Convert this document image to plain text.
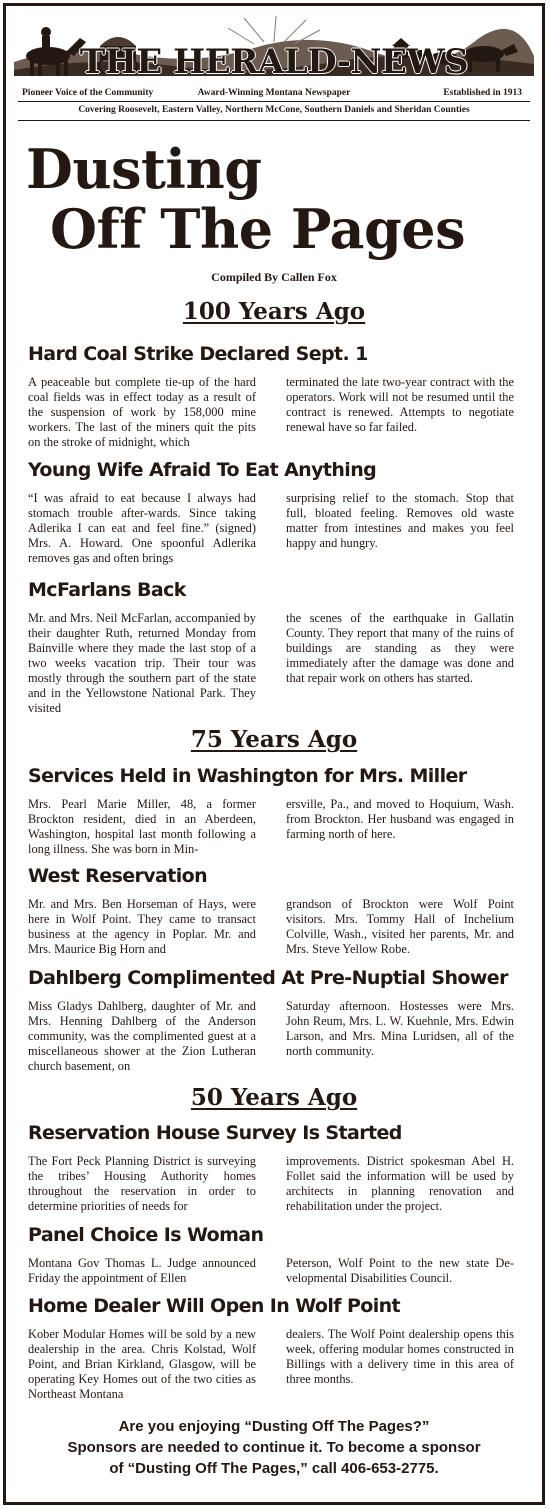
THE HERALD-NEWS
Pioneer Voice of the Community	Award-Winning Montana Newspaper	Established in 1913
Covering Roosevelt, Eastern Valley, Northern McCone, Southern Daniels and Sheridan Counties
Dusting
Off The Pages
Compiled By Callen Fox
100 Years Ago
Hard Coal Strike Declared Sept. 1

A peaceable but complete tie-up of the hard coal fields was in effect today as a result of the suspension of work by 158,000 mine workers. The last of the miners quit the pits on the stroke of midnight, which

terminated the late two-year contract with the operators. Work will not be resumed until the contract is renewed. Attempts to negotiate renewal have so far failed.

Young Wife Afraid To Eat Anything

“I was afraid to eat because I always had stomach trouble after-wards. Since taking Adlerika I can eat and feel fine.” (signed) Mrs. A. Howard. One spoonful Adlerika removes gas and often brings

surprising relief to the stomach. Stop that full, bloated feeling. Removes old waste matter from intestines and makes you feel happy and hungry.

McFarlans Back

Mr. and Mrs. Neil McFarlan, accompanied by their daughter Ruth, returned Monday from Bainville where they made the last stop of a two weeks vacation trip. Their tour was mostly through the southern part of the state and in the Yellowstone National Park. They visited

the scenes of the earthquake in Gallatin County. They report that many of the ruins of buildings are standing as they were immediately after the damage was done and that repair work on others has started.

75 Years Ago
Services Held in Washington for Mrs. Miller

Mrs. Pearl Marie Miller, 48, a former Brockton resident, died in an Aberdeen, Washington, hospital last month following a long illness. She was born in Min-

ersville, Pa., and moved to Hoquium, Wash. from Brockton. Her husband was engaged in farming north of here.

West Reservation

Mr. and Mrs. Ben Horseman of Hays, were here in Wolf Point. They came to transact business at the agency in Poplar. Mr. and Mrs. Maurice Big Horn and

grandson of Brockton were Wolf Point visitors. Mrs. Tommy Hall of Inchelium Colville, Wash., visited her parents, Mr. and Mrs. Steve Yellow Robe.

Dahlberg Complimented At Pre-Nuptial Shower

Miss Gladys Dahlberg, daughter of Mr. and Mrs. Henning Dahlberg of the Anderson community, was the complimented guest at a miscellaneous shower at the Zion Lutheran church basement, on

Saturday afternoon. Hostesses were Mrs. John Reum, Mrs. L. W. Kuehnle, Mrs. Edwin Larson, and Mrs. Mina Luridsen, all of the north community.

50 Years Ago
Reservation House Survey Is Started

The Fort Peck Planning District is surveying the tribes’ Housing Authority homes throughout the reservation in order to determine priorities of needs for

improvements. District spokesman Abel H. Follet said the information will be used by architects in planning renovation and rehabilitation under the project.

Panel Choice Is Woman

Montana Gov Thomas L. Judge announced Friday the appointment of Ellen

Peterson, Wolf Point to the new state Developmental Disabilities Council.

Home Dealer Will Open In Wolf Point

Kober Modular Homes will be sold by a new dealership in the area. Chris Kolstad, Wolf Point, and Brian Kirkland, Glasgow, will be operating Key Homes out of the two cities as Northeast Montana

dealers. The Wolf Point dealership opens this week, offering modular homes constructed in Billings with a delivery time in this area of three months.

Are you enjoying “Dusting Off The Pages?”
Sponsors are needed to continue it. To become a sponsor
of “Dusting Off The Pages,” call 406-653-2775.
